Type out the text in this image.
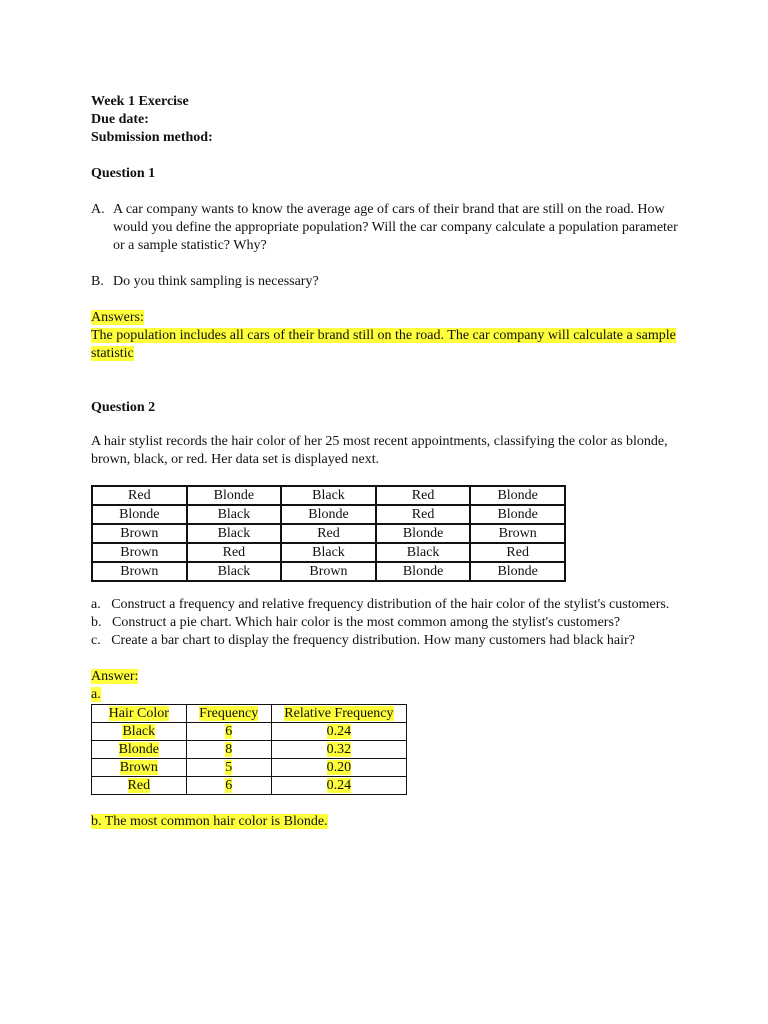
Week 1 Exercise
Due date:
Submission method:
Question 1
A. A car company wants to know the average age of cars of their brand that are still on the road. How would you define the appropriate population? Will the car company calculate a population parameter or a sample statistic? Why?
B. Do you think sampling is necessary?
Answers:
The population includes all cars of their brand still on the road. The car company will calculate a sample statistic
Question 2
A hair stylist records the hair color of her 25 most recent appointments, classifying the color as blonde, brown, black, or red. Her data set is displayed next.
Red	Blonde	Black	Red	Blonde
Blonde	Black	Blonde	Red	Blonde
Brown	Black	Red	Blonde	Brown
Brown	Red	Black	Black	Red
Brown	Black	Brown	Blonde	Blonde
a. Construct a frequency and relative frequency distribution of the hair color of the stylist's customers.
b. Construct a pie chart. Which hair color is the most common among the stylist's customers?
c. Create a bar chart to display the frequency distribution. How many customers had black hair?
Answer:
a.
Hair Color	Frequency	Relative Frequency
Black	6	0.24
Blonde	8	0.32
Brown	5	0.20
Red	6	0.24
b. The most common hair color is Blonde.
